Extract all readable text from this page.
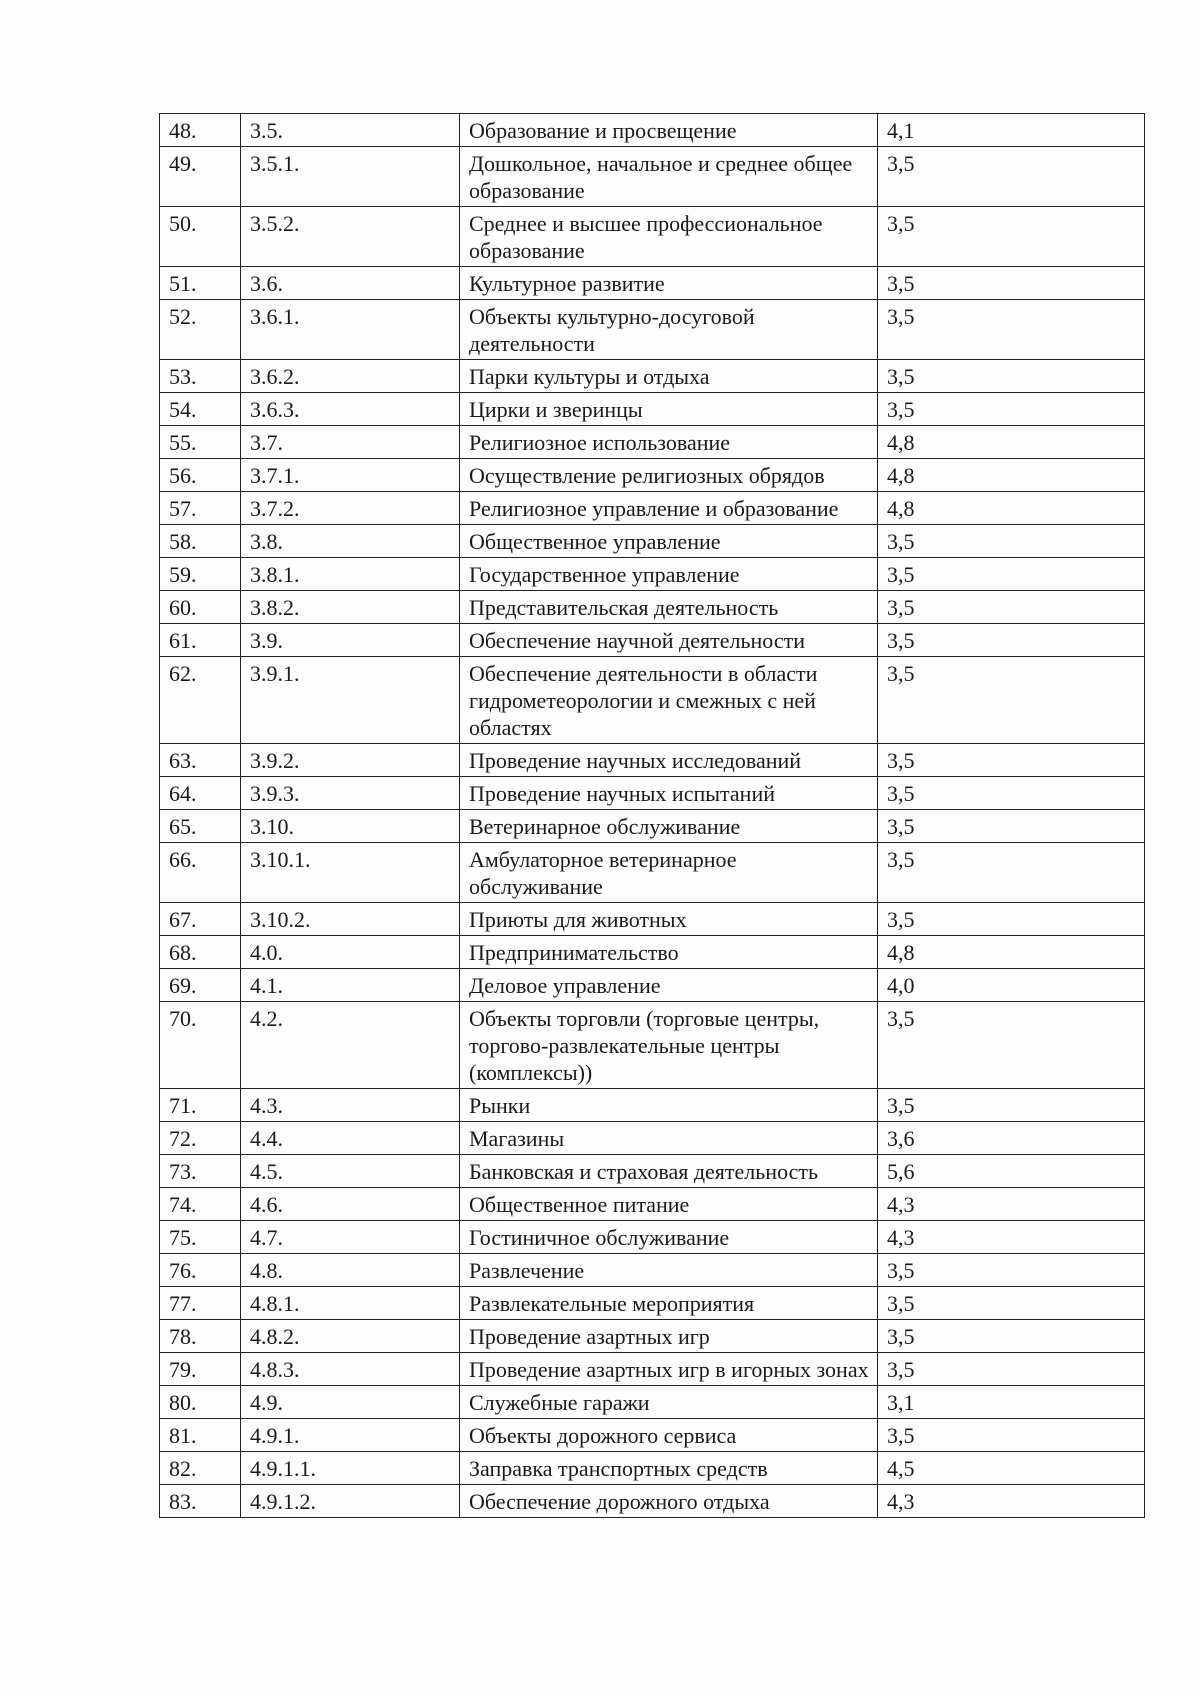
48.	3.5.	Образование и просвещение	4,1
49.	3.5.1.	Дошкольное, начальное и среднее общее образование	3,5
50.	3.5.2.	Среднее и высшее профессиональное образование	3,5
51.	3.6.	Культурное развитие	3,5
52.	3.6.1.	Объекты культурно-досуговой деятельности	3,5
53.	3.6.2.	Парки культуры и отдыха	3,5
54.	3.6.3.	Цирки и зверинцы	3,5
55.	3.7.	Религиозное использование	4,8
56.	3.7.1.	Осуществление религиозных обрядов	4,8
57.	3.7.2.	Религиозное управление и образование	4,8
58.	3.8.	Общественное управление	3,5
59.	3.8.1.	Государственное управление	3,5
60.	3.8.2.	Представительская деятельность	3,5
61.	3.9.	Обеспечение научной деятельности	3,5
62.	3.9.1.	Обеспечение деятельности в области гидрометеорологии и смежных с ней областях	3,5
63.	3.9.2.	Проведение научных исследований	3,5
64.	3.9.3.	Проведение научных испытаний	3,5
65.	3.10.	Ветеринарное обслуживание	3,5
66.	3.10.1.	Амбулаторное ветеринарное обслуживание	3,5
67.	3.10.2.	Приюты для животных	3,5
68.	4.0.	Предпринимательство	4,8
69.	4.1.	Деловое управление	4,0
70.	4.2.	Объекты торговли (торговые центры, торгово-развлекательные центры (комплексы))	3,5
71.	4.3.	Рынки	3,5
72.	4.4.	Магазины	3,6
73.	4.5.	Банковская и страховая деятельность	5,6
74.	4.6.	Общественное питание	4,3
75.	4.7.	Гостиничное обслуживание	4,3
76.	4.8.	Развлечение	3,5
77.	4.8.1.	Развлекательные мероприятия	3,5
78.	4.8.2.	Проведение азартных игр	3,5
79.	4.8.3.	Проведение азартных игр в игорных зонах	3,5
80.	4.9.	Служебные гаражи	3,1
81.	4.9.1.	Объекты дорожного сервиса	3,5
82.	4.9.1.1.	Заправка транспортных средств	4,5
83.	4.9.1.2.	Обеспечение дорожного отдыха	4,3
